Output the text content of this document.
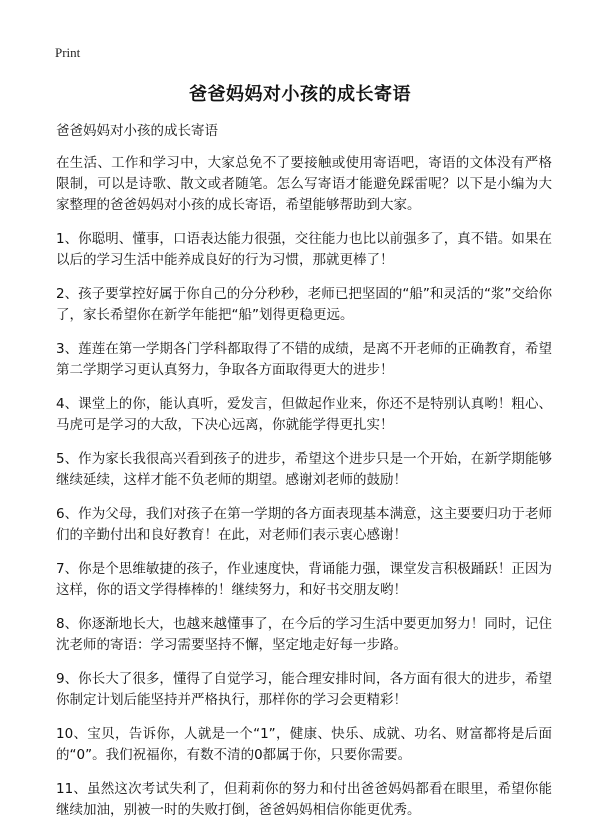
Print
爸爸妈妈对小孩的成长寄语

爸爸妈妈对小孩的成长寄语

在生活、工作和学习中，大家总免不了要接触或使用寄语吧，寄语的文体没有严格限制，可以是诗歌、散文或者随笔。怎么写寄语才能避免踩雷呢？以下是小编为大家整理的爸爸妈妈对小孩的成长寄语，希望能够帮助到大家。

1、你聪明、懂事，口语表达能力很强，交往能力也比以前强多了，真不错。如果在以后的学习生活中能养成良好的行为习惯，那就更棒了！

2、孩子要掌控好属于你自己的分分秒秒，老师已把坚固的“船”和灵活的“浆”交给你了，家长希望你在新学年能把“船”划得更稳更远。

3、莲莲在第一学期各门学科都取得了不错的成绩，是离不开老师的正确教育，希望第二学期学习更认真努力，争取各方面取得更大的进步！

4、课堂上的你，能认真听，爱发言，但做起作业来，你还不是特别认真哟！粗心、马虎可是学习的大敌，下决心远离，你就能学得更扎实！

5、作为家长我很高兴看到孩子的进步，希望这个进步只是一个开始，在新学期能够继续延续，这样才能不负老师的期望。感谢刘老师的鼓励！

6、作为父母，我们对孩子在第一学期的各方面表现基本满意，这主要要归功于老师们的辛勤付出和良好教育！在此，对老师们表示衷心感谢！

7、你是个思维敏捷的孩子，作业速度快，背诵能力强，课堂发言积极踊跃！正因为这样，你的语文学得棒棒的！继续努力，和好书交朋友哟！

8、你逐渐地长大，也越来越懂事了，在今后的学习生活中要更加努力！同时，记住沈老师的寄语：学习需要坚持不懈，坚定地走好每一步路。

9、你长大了很多，懂得了自觉学习，能合理安排时间，各方面有很大的进步，希望你制定计划后能坚持并严格执行，那样你的学习会更精彩！

10、宝贝，告诉你，人就是一个“1”，健康、快乐、成就、功名、财富都将是后面的“0”。我们祝福你，有数不清的0都属于你，只要你需要。

11、虽然这次考试失利了，但莉莉你的努力和付出爸爸妈妈都看在眼里，希望你能继续加油，别被一时的失败打倒，爸爸妈妈相信你能更优秀。
